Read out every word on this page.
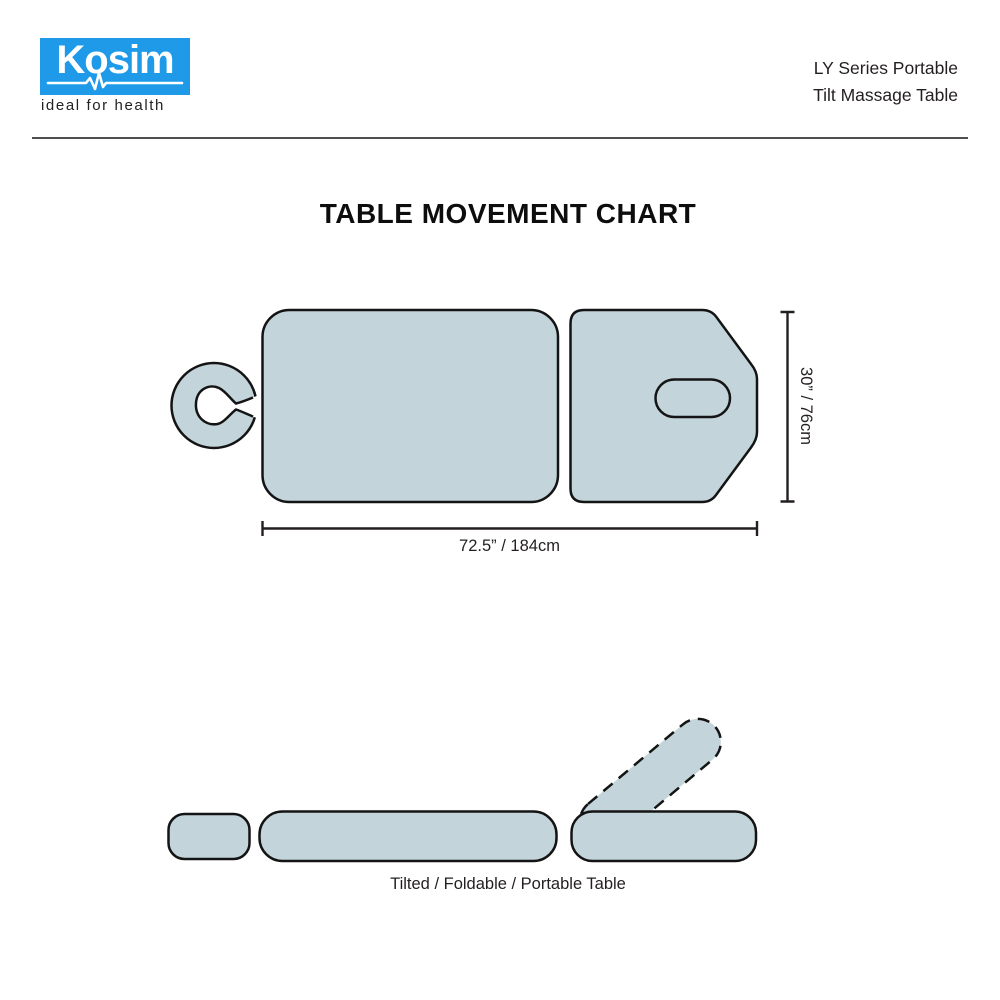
Kosim
ideal for health
LY Series Portable
Tilt Massage Table
TABLE MOVEMENT CHART
72.5” / 184cm
30” / 76cm
Tilted / Foldable / Portable Table
